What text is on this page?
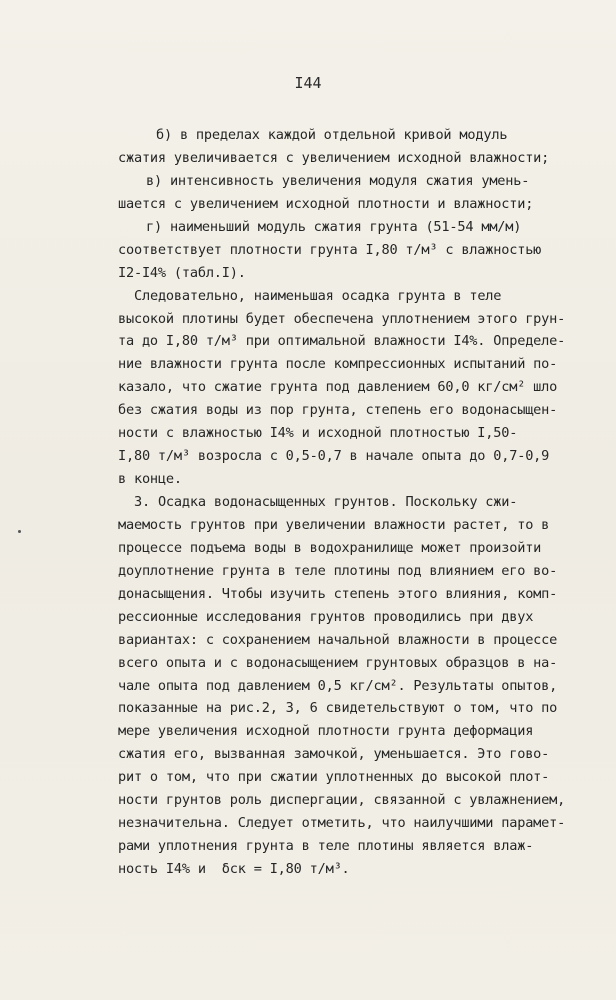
I44
б) в пределах каждой отдельной кривой модуль
сжатия увеличивается с увеличением исходной влажности;
в) интенсивность увеличения модуля сжатия умень-
шается с увеличением исходной плотности и влажности;
г) наименьший модуль сжатия грунта (51-54 мм/м)
соответствует плотности грунта I,80 т/м³ с влажностью
I2-I4% (табл.I).
Следовательно, наименьшая осадка грунта в теле
высокой плотины будет обеспечена уплотнением этого грун-
та до I,80 т/м³ при оптимальной влажности I4%. Определе-
ние влажности грунта после компрессионных испытаний по-
казало, что сжатие грунта под давлением 60,0 кг/см² шло
без сжатия воды из пор грунта, степень его водонасыщен-
ности с влажностью I4% и исходной плотностью I,50-
I,80 т/м³ возросла с 0,5-0,7 в начале опыта до 0,7-0,9
в конце.
3. Осадка водонасыщенных грунтов. Поскольку сжи-
маемость грунтов при увеличении влажности растет, то в
процессе подъема воды в водохранилище может произойти
доуплотнение грунта в теле плотины под влиянием его во-
донасыщения. Чтобы изучить степень этого влияния, комп-
рессионные исследования грунтов проводились при двух
вариантах: с сохранением начальной влажности в процессе
всего опыта и с водонасыщением грунтовых образцов в на-
чале опыта под давлением 0,5 кг/см². Результаты опытов,
показанные на рис.2, 3, 6 свидетельствуют о том, что по
мере увеличения исходной плотности грунта деформация
сжатия его, вызванная замочкой, уменьшается. Это гово-
рит о том, что при сжатии уплотненных до высокой плот-
ности грунтов роль диспергации, связанной с увлажнением,
незначительна. Следует отметить, что наилучшими парамет-
рами уплотнения грунта в теле плотины является влаж-
ность I4% и  δск = I,80 т/м³.
